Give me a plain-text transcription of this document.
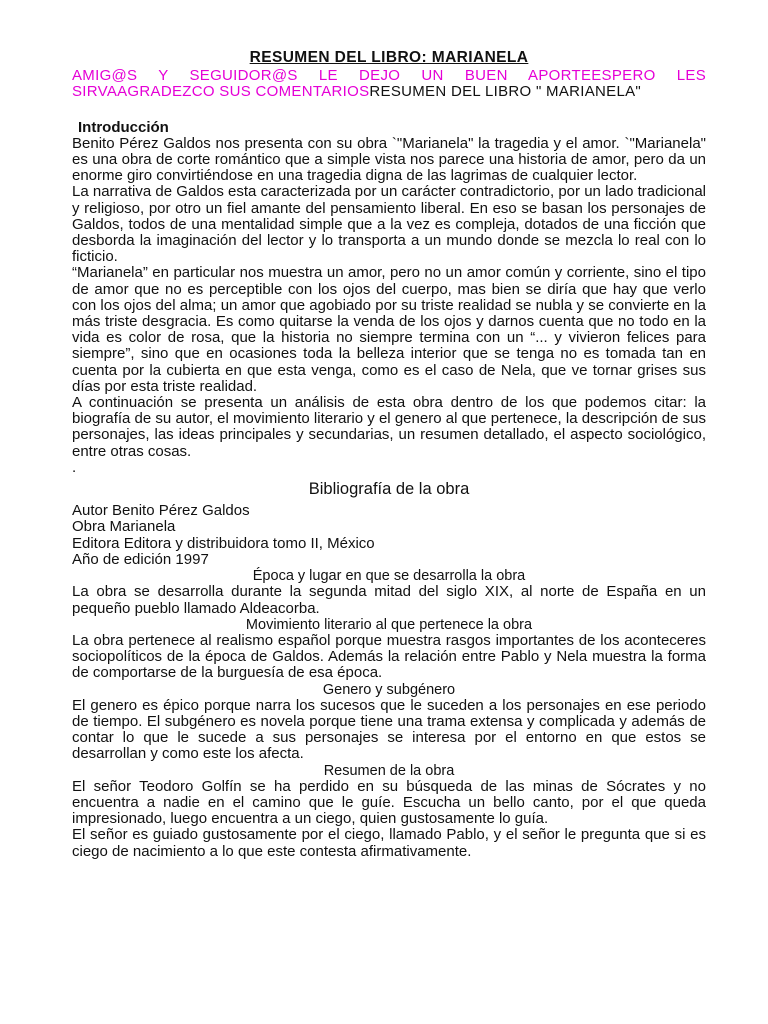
RESUMEN DEL LIBRO: MARIANELA
AMIG@S Y SEGUIDOR@S LE DEJO UN BUEN APORTEESPERO LES SIRVAAGRADEZCO SUS COMENTARIOSRESUMEN DEL LIBRO " MARIANELA"
Introducción

Benito Pérez Galdos nos presenta con su obra `"Marianela" la tragedia y el amor. `"Marianela" es una obra de corte romántico que a simple vista nos parece una historia de amor, pero da un enorme giro convirtiéndose en una tragedia digna de las lagrimas de cualquier lector.

La narrativa de Galdos esta caracterizada por un carácter contradictorio, por un lado tradicional y religioso, por otro un fiel amante del pensamiento liberal. En eso se basan los personajes de Galdos, todos de una mentalidad simple que a la vez es compleja, dotados de una ficción que desborda la imaginación del lector y lo transporta a un mundo donde se mezcla lo real con lo ficticio.

“Marianela” en particular nos muestra un amor, pero no un amor común y corriente, sino el tipo de amor que no es perceptible con los ojos del cuerpo, mas bien se diría que hay que verlo con los ojos del alma; un amor que agobiado por su triste realidad se nubla y se convierte en la más triste desgracia. Es como quitarse la venda de los ojos y darnos cuenta que no todo en la vida es color de rosa, que la historia no siempre termina con un “... y vivieron felices para siempre”, sino que en ocasiones toda la belleza interior que se tenga no es tomada tan en cuenta por la cubierta en que esta venga, como es el caso de Nela, que ve tornar grises sus días por esta triste realidad.

A continuación se presenta un análisis de esta obra dentro de los que podemos citar: la biografía de su autor, el movimiento literario y el genero al que pertenece, la descripción de sus personajes, las ideas principales y secundarias, un resumen detallado, el aspecto sociológico, entre otras cosas.

.
Bibliografía de la obra
Autor Benito Pérez Galdos
Obra Marianela
Editora Editora y distribuidora tomo II, México
Año de edición 1997
Época y lugar en que se desarrolla la obra

La obra se desarrolla durante la segunda mitad del siglo XIX, al norte de España en un pequeño pueblo llamado Aldeacorba.

Movimiento literario al que pertenece la obra

La obra pertenece al realismo español porque muestra rasgos importantes de los aconteceres sociopolíticos de la época de Galdos. Además la relación entre Pablo y Nela muestra la forma de comportarse de la burguesía de esa época.

Genero y subgénero

El genero es épico porque narra los sucesos que le suceden a los personajes en ese periodo de tiempo. El subgénero es novela porque tiene una trama extensa y complicada y además de contar lo que le sucede a sus personajes se interesa por el entorno en que estos se desarrollan y como este los afecta.

Resumen de la obra

El señor Teodoro Golfín se ha perdido en su búsqueda de las minas de Sócrates y no encuentra a nadie en el camino que le guíe. Escucha un bello canto, por el que queda impresionado, luego encuentra a un ciego, quien gustosamente lo guía.

El señor es guiado gustosamente por el ciego, llamado Pablo, y el señor le pregunta que si es ciego de nacimiento a lo que este contesta afirmativamente.
